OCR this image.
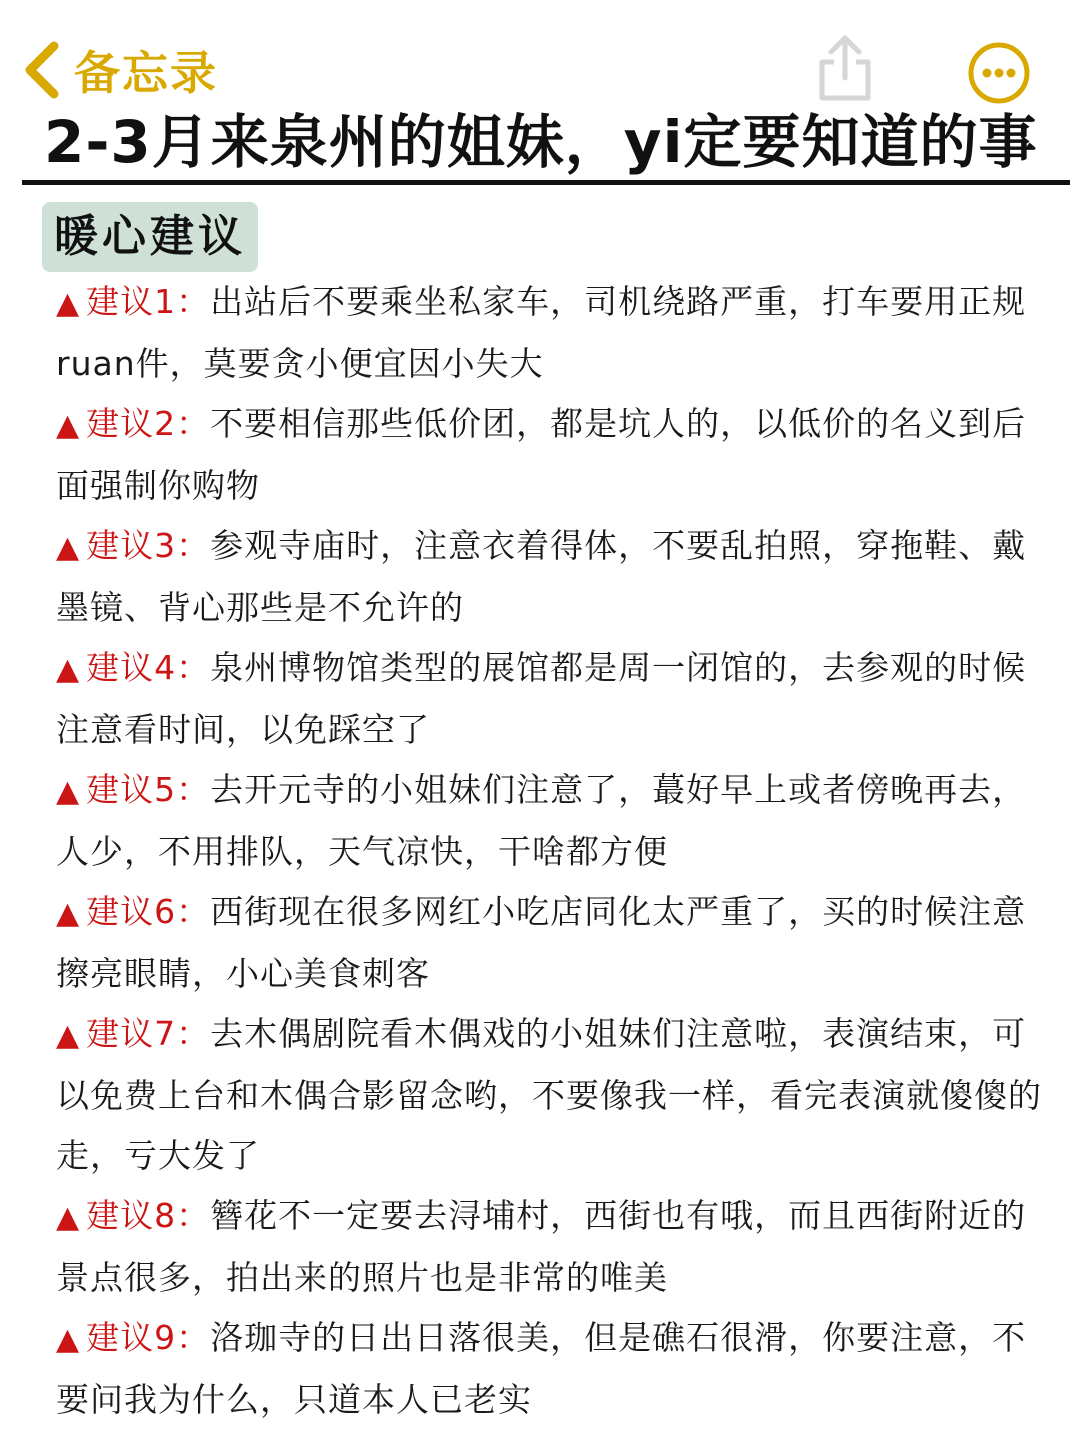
备忘录
2-3月来泉州的姐妹，yi定要知道的事
暖心建议
▲ 建议1：出站后不要乘坐私家车，司机绕路严重，打车要用正规ruan件，莫要贪小便宜因小失大
▲ 建议2：不要相信那些低价团，都是坑人的，以低价的名义到后面强制你购物
▲ 建议3：参观寺庙时，注意衣着得体，不要乱拍照，穿拖鞋、戴墨镜、背心那些是不允许的
▲ 建议4：泉州博物馆类型的展馆都是周一闭馆的，去参观的时候注意看时间，以免踩空了
▲ 建议5：去开元寺的小姐妹们注意了，蕞好早上或者傍晚再去，人少，不用排队，天气凉快，干啥都方便
▲ 建议6：西街现在很多网红小吃店同化太严重了，买的时候注意擦亮眼睛，小心美食刺客
▲ 建议7：去木偶剧院看木偶戏的小姐妹们注意啦，表演结束，可以免费上台和木偶合影留念哟，不要像我一样，看完表演就傻傻的走，亏大发了
▲ 建议8：簪花不一定要去浔埔村，西街也有哦，而且西街附近的景点很多，拍出来的照片也是非常的唯美
▲ 建议9：洛珈寺的日出日落很美，但是礁石很滑，你要注意，不要问我为什么，只道本人已老实
